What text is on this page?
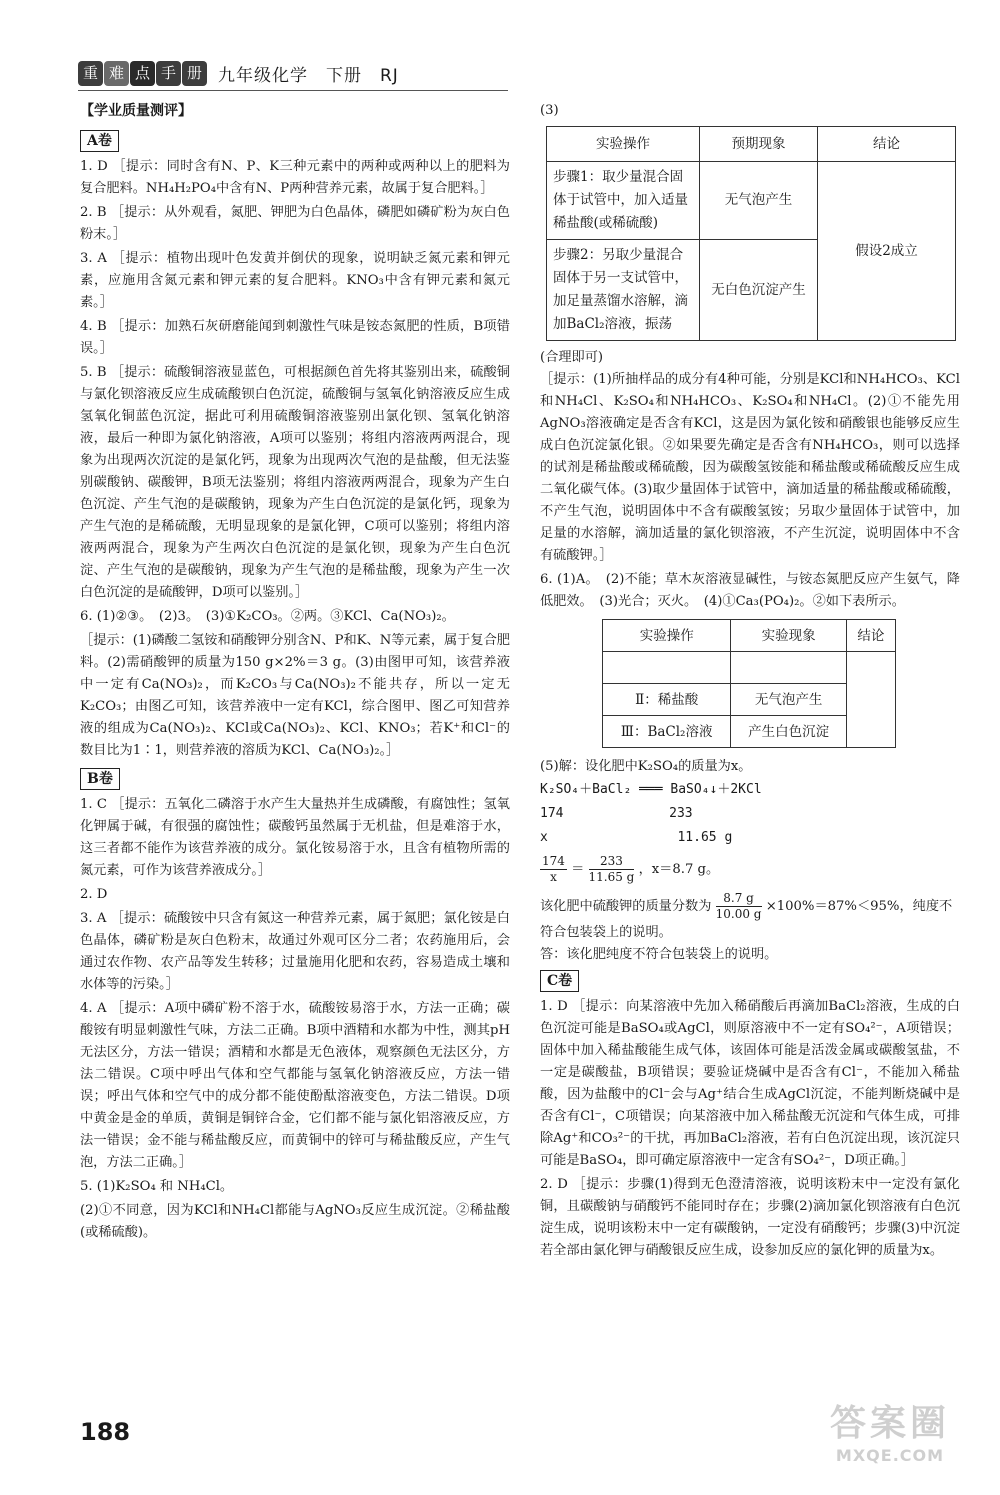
重 难 点 手 册 九年级化学　下册　RJ
【学业质量测评】
A卷

1. D ［提示：同时含有N、P、K三种元素中的两种或两种以上的肥料为复合肥料。NH₄H₂PO₄中含有N、P两种营养元素，故属于复合肥料。］

2. B ［提示：从外观看，氮肥、钾肥为白色晶体，磷肥如磷矿粉为灰白色粉末。］

3. A ［提示：植物出现叶色发黄并倒伏的现象，说明缺乏氮元素和钾元素，应施用含氮元素和钾元素的复合肥料。KNO₃中含有钾元素和氮元素。］

4. B ［提示：加熟石灰研磨能闻到刺激性气味是铵态氮肥的性质，B项错误。］

5. B ［提示：硫酸铜溶液显蓝色，可根据颜色首先将其鉴别出来，硫酸铜与氯化钡溶液反应生成硫酸钡白色沉淀，硫酸铜与氢氧化钠溶液反应生成氢氧化铜蓝色沉淀，据此可利用硫酸铜溶液鉴别出氯化钡、氢氧化钠溶液，最后一种即为氯化钠溶液，A项可以鉴别；将组内溶液两两混合，现象为出现两次沉淀的是氯化钙，现象为出现两次气泡的是盐酸，但无法鉴别碳酸钠、碳酸钾，B项无法鉴别；将组内溶液两两混合，现象为产生白色沉淀、产生气泡的是碳酸钠，现象为产生白色沉淀的是氯化钙，现象为产生气泡的是稀硫酸，无明显现象的是氯化钾，C项可以鉴别；将组内溶液两两混合，现象为产生两次白色沉淀的是氯化钡，现象为产生白色沉淀、产生气泡的是碳酸钠，现象为产生气泡的是稀盐酸，现象为产生一次白色沉淀的是硫酸钾，D项可以鉴别。］

6. (1)②③。　(2)3。　(3)①K₂CO₃。②两。③KCl、Ca(NO₃)₂。

［提示：(1)磷酸二氢铵和硝酸钾分别含N、P和K、N等元素，属于复合肥料。(2)需硝酸钾的质量为150 g×2%＝3 g。(3)由图甲可知，该营养液中一定有Ca(NO₃)₂，而K₂CO₃与Ca(NO₃)₂不能共存，所以一定无K₂CO₃；由图乙可知，该营养液中一定有KCl，综合图甲、图乙可知营养液的组成为Ca(NO₃)₂、KCl或Ca(NO₃)₂、KCl、KNO₃；若K⁺和Cl⁻的数目比为1∶1，则营养液的溶质为KCl、Ca(NO₃)₂。］

B卷

1. C ［提示：五氧化二磷溶于水产生大量热并生成磷酸，有腐蚀性；氢氧化钾属于碱，有很强的腐蚀性；碳酸钙虽然属于无机盐，但是难溶于水，这三者都不能作为该营养液的成分。氯化铵易溶于水，且含有植物所需的氮元素，可作为该营养液成分。］

2. D

3. A ［提示：硫酸铵中只含有氮这一种营养元素，属于氮肥；氯化铵是白色晶体，磷矿粉是灰白色粉末，故通过外观可区分二者；农药施用后，会通过农作物、农产品等发生转移；过量施用化肥和农药，容易造成土壤和水体等的污染。］

4. A ［提示：A项中磷矿粉不溶于水，硫酸铵易溶于水，方法一正确；碳酸铵有明显刺激性气味，方法二正确。B项中酒精和水都为中性，测其pH无法区分，方法一错误；酒精和水都是无色液体，观察颜色无法区分，方法二错误。C项中呼出气体和空气都能与氢氧化钠溶液反应，方法一错误；呼出气体和空气中的成分都不能使酚酞溶液变色，方法二错误。D项中黄金是金的单质，黄铜是铜锌合金，它们都不能与氯化铝溶液反应，方法一错误；金不能与稀盐酸反应，而黄铜中的锌可与稀盐酸反应，产生气泡，方法二正确。］

5. (1)K₂SO₄ 和 NH₄Cl。

(2)①不同意，因为KCl和NH₄Cl都能与AgNO₃反应生成沉淀。②稀盐酸(或稀硫酸)。

(3)
实验操作	预期现象	结论
步骤1：取少量混合固体于试管中，加入适量稀盐酸(或稀硫酸)	无气泡产生	假设2成立
步骤2：另取少量混合固体于另一支试管中，加足量蒸馏水溶解，滴加BaCl₂溶液，振荡	无白色沉淀产生	
(合理即可)

［提示：(1)所抽样品的成分有4种可能，分别是KCl和NH₄HCO₃、KCl和NH₄Cl、K₂SO₄和NH₄HCO₃、K₂SO₄和NH₄Cl。(2)①不能先用AgNO₃溶液确定是否含有KCl，这是因为氯化铵和硝酸银也能够反应生成白色沉淀氯化银。②如果要先确定是否含有NH₄HCO₃，则可以选择的试剂是稀盐酸或稀硫酸，因为碳酸氢铵能和稀盐酸或稀硫酸反应生成二氧化碳气体。(3)取少量固体于试管中，滴加适量的稀盐酸或稀硫酸，不产生气泡，说明固体中不含有碳酸氢铵；另取少量固体于试管中，加足量的水溶解，滴加适量的氯化钡溶液，不产生沉淀，说明固体中不含有硫酸钾。］

6. (1)A。　(2)不能；草木灰溶液显碱性，与铵态氮肥反应产生氨气，降低肥效。　(3)光合；灭火。　(4)①Ca₃(PO₄)₂。②如下表所示。

实验操作	实验现象	结论

Ⅱ：稀盐酸	无气泡产生	
Ⅲ：BaCl₂溶液	产生白色沉淀	
(5)解：设化肥中K₂SO₄的质量为x。
K₂SO₄＋BaCl₂ ═══ BaSO₄↓＋2KCl
174	233
x	11.65 g
$\frac{174}{x} = \frac{233}{11.65 g}$ ，x＝8.7 g。
该化肥中硫酸钾的质量分数为 $\frac{8.7 g}{10.00 g} \times 100\%=87\%<95\%$，纯度不符合包装袋上的说明。
答：该化肥纯度不符合包装袋上的说明。
C卷

1. D ［提示：向某溶液中先加入稀硝酸后再滴加BaCl₂溶液，生成的白色沉淀可能是BaSO₄或AgCl，则原溶液中不一定有SO₄²⁻，A项错误；固体中加入稀盐酸能生成气体，该固体可能是活泼金属或碳酸氢盐，不一定是碳酸盐，B项错误；要验证烧碱中是否含有Cl⁻，不能加入稀盐酸，因为盐酸中的Cl⁻会与Ag⁺结合生成AgCl沉淀，不能判断烧碱中是否含有Cl⁻，C项错误；向某溶液中加入稀盐酸无沉淀和气体生成，可排除Ag⁺和CO₃²⁻的干扰，再加BaCl₂溶液，若有白色沉淀出现，该沉淀只可能是BaSO₄，即可确定原溶液中一定含有SO₄²⁻，D项正确。］

2. D ［提示：步骤(1)得到无色澄清溶液，说明该粉末中一定没有氯化铜，且碳酸钠与硝酸钙不能同时存在；步骤(2)滴加氯化钡溶液有白色沉淀生成，说明该粉末中一定有碳酸钠，一定没有硝酸钙；步骤(3)中沉淀若全部由氯化钾与硝酸银反应生成，设参加反应的氯化钾的质量为x。

188	答案圈
MXQE.COM
